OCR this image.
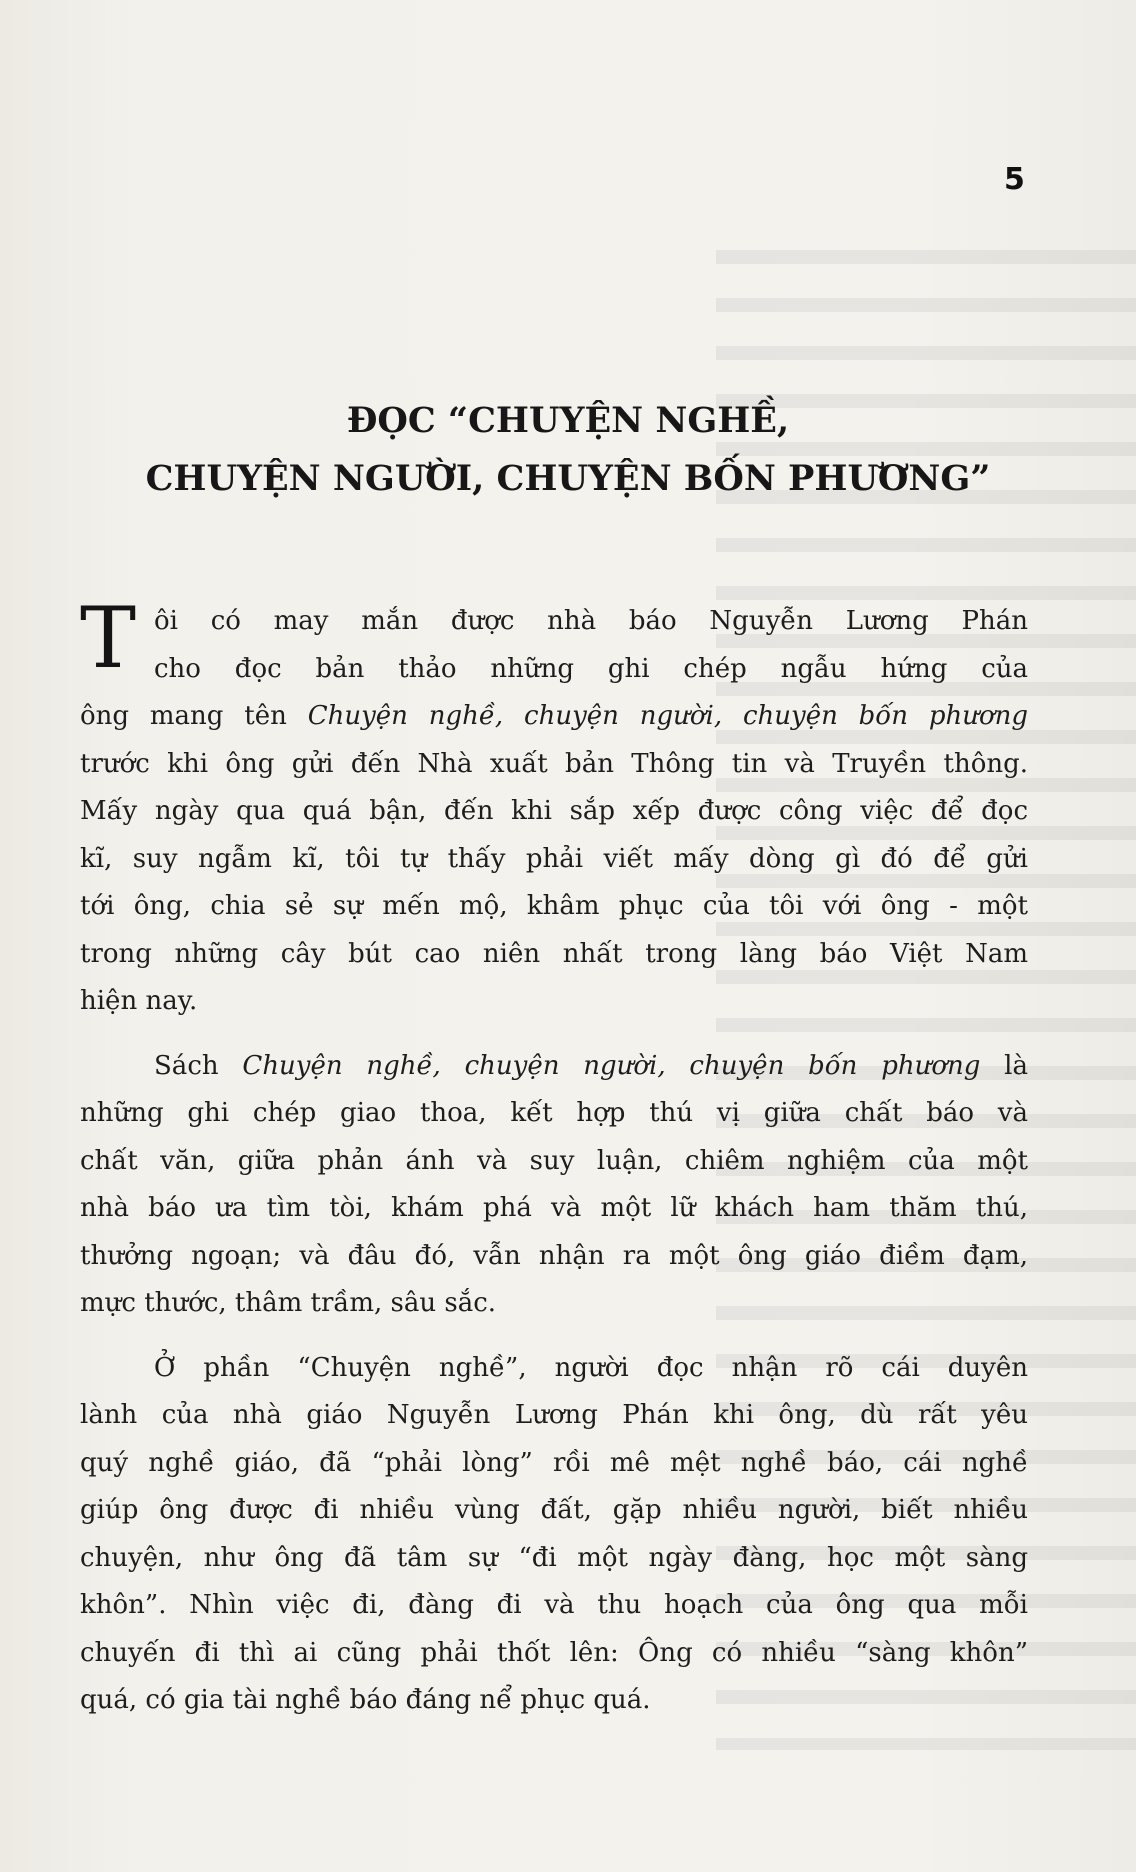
5
ĐỌC “CHUYỆN NGHỀ,
CHUYỆN NGƯỜI, CHUYỆN BỐN PHƯƠNG”
T ôi có may mắn được nhà báo Nguyễn Lương Phán
cho đọc bản thảo những ghi chép ngẫu hứng của
ông mang tên Chuyện nghề, chuyện người, chuyện bốn phương
trước khi ông gửi đến Nhà xuất bản Thông tin và Truyền thông.
Mấy ngày qua quá bận, đến khi sắp xếp được công việc để đọc
kĩ, suy ngẫm kĩ, tôi tự thấy phải viết mấy dòng gì đó để gửi
tới ông, chia sẻ sự mến mộ, khâm phục của tôi với ông - một
trong những cây bút cao niên nhất trong làng báo Việt Nam
hiện nay.
Sách Chuyện nghề, chuyện người, chuyện bốn phương là
những ghi chép giao thoa, kết hợp thú vị giữa chất báo và
chất văn, giữa phản ánh và suy luận, chiêm nghiệm của một
nhà báo ưa tìm tòi, khám phá và một lữ khách ham thăm thú,
thưởng ngoạn; và đâu đó, vẫn nhận ra một ông giáo điềm đạm,
mực thước, thâm trầm, sâu sắc.
Ở phần “Chuyện nghề”, người đọc nhận rõ cái duyên
lành của nhà giáo Nguyễn Lương Phán khi ông, dù rất yêu
quý nghề giáo, đã “phải lòng” rồi mê mệt nghề báo, cái nghề
giúp ông được đi nhiều vùng đất, gặp nhiều người, biết nhiều
chuyện, như ông đã tâm sự “đi một ngày đàng, học một sàng
khôn”. Nhìn việc đi, đàng đi và thu hoạch của ông qua mỗi
chuyến đi thì ai cũng phải thốt lên: Ông có nhiều “sàng khôn”
quá, có gia tài nghề báo đáng nể phục quá.
